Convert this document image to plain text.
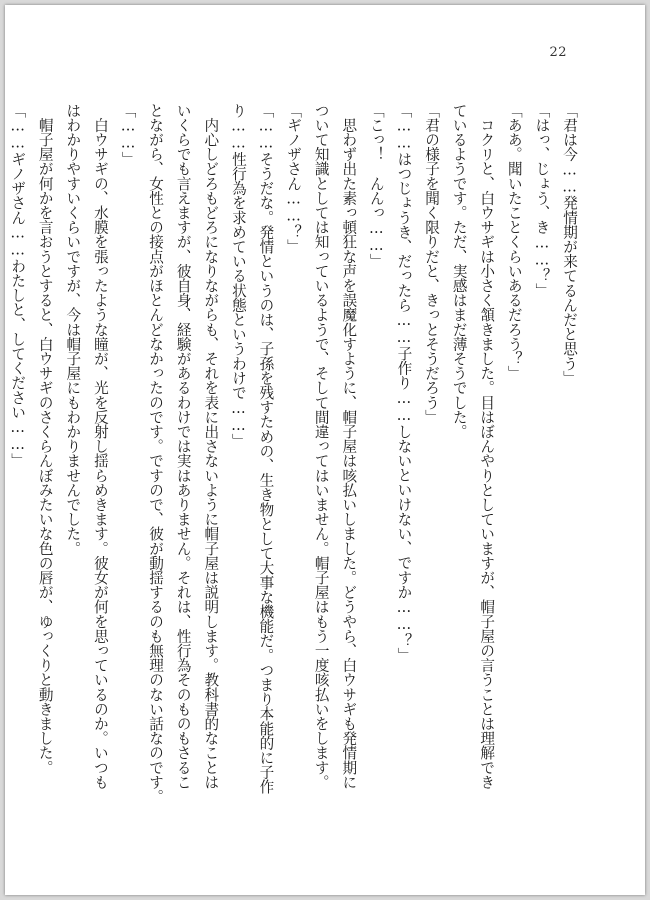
22

「君は今……発情期が来てるんだと思う」

「はっ、じょう、き……？」

「ああ。聞いたことくらいあるだろう？」

　コクリと、白ウサギは小さく頷きました。目はぼんやりとしていますが、帽子屋の言うことは理解でき

ているようです。ただ、実感はまだ薄そうでした。

「君の様子を聞く限りだと、きっとそうだろう」

「……はつじょうき、だったら……子作り……しないといけない、ですか……？」

「こっ！　んんっ……」

　思わず出た素っ頓狂な声を誤魔化すように、帽子屋は咳払いしました。どうやら、白ウサギも発情期に

ついて知識としては知っているようで、そして間違ってはいません。帽子屋はもう一度咳払いをします。

「ギノザさん……？」

「……そうだな。発情というのは、子孫を残すための、生き物として大事な機能だ。つまり本能的に子作

り……性行為を求めている状態というわけで……」

　内心しどろもどろになりながらも、それを表に出さないように帽子屋は説明します。教科書的なことは

いくらでも言えますが、彼自身、経験があるわけでは実はありません。それは、性行為そのものもさるこ

とながら、女性との接点がほとんどなかったのです。ですので、彼が動揺するのも無理のない話なのです。

「……」

　白ウサギの、水膜を張ったような瞳が、光を反射し揺らめきます。彼女が何を思っているのか。いつも

はわかりやすいくらいですが、今は帽子屋にもわかりませんでした。

　帽子屋が何かを言おうとすると、白ウサギのさくらんぼみたいな色の唇が、ゆっくりと動きました。

「……ギノザさん……わたしと、してください……」
